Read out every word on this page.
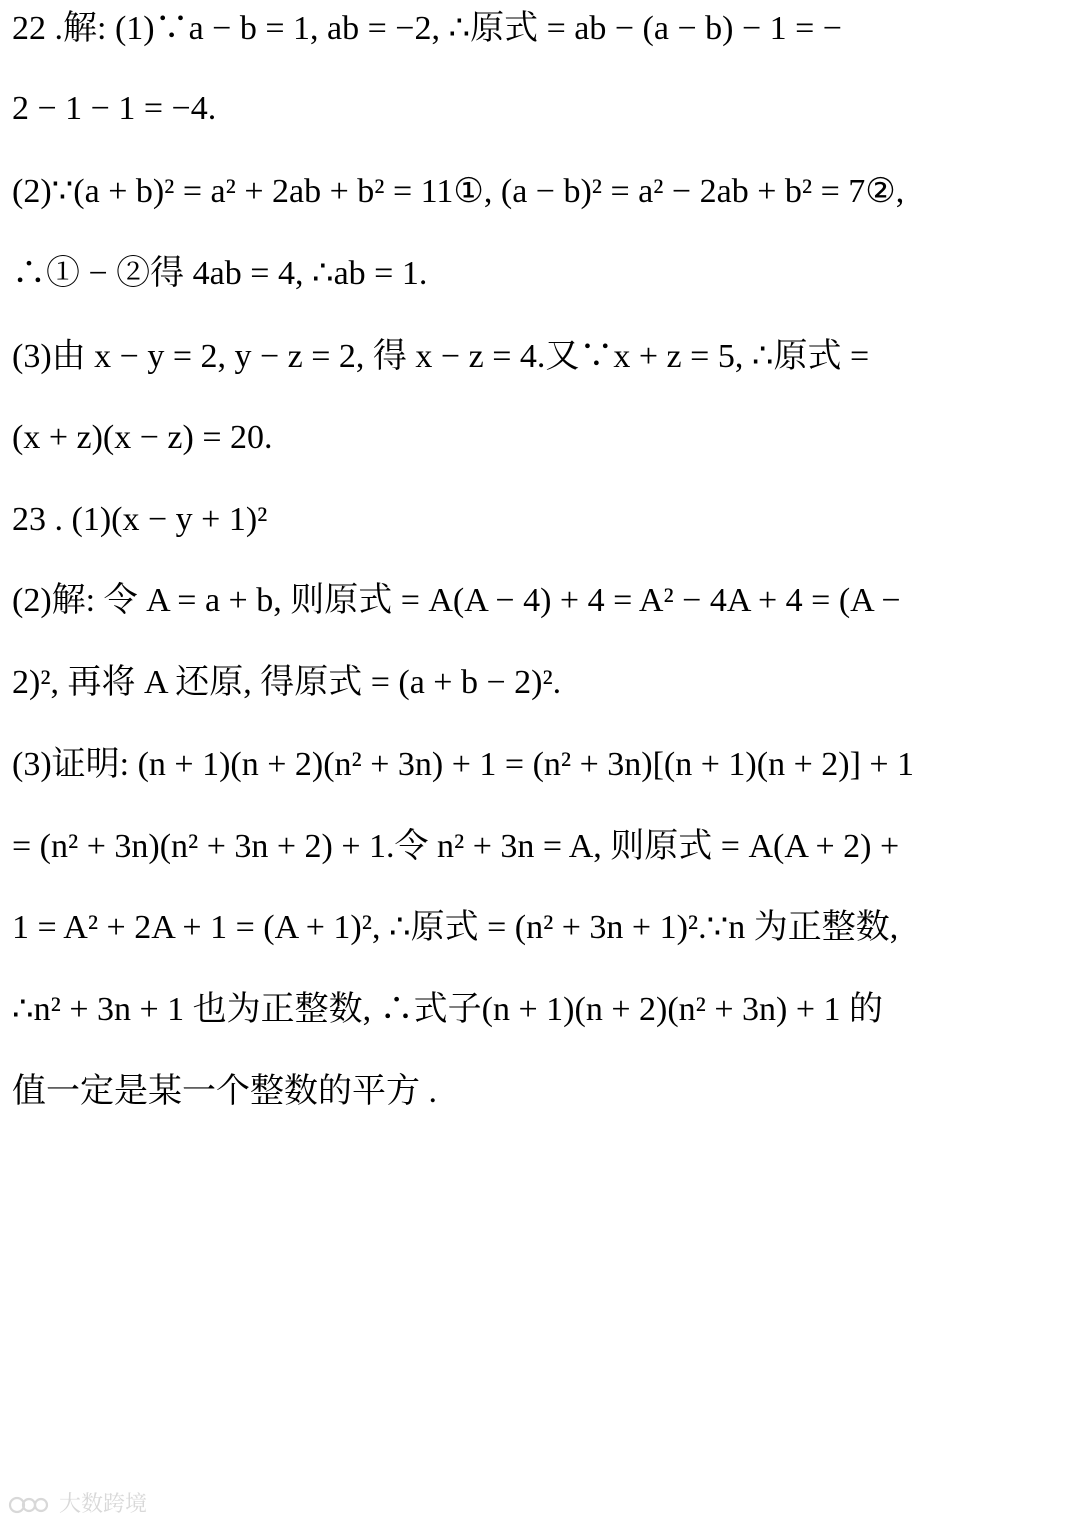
22 .解: (1)∵a − b = 1, ab = −2, ∴原式 = ab − (a − b) − 1 = −
2 − 1 − 1 = −4.
(2)∵(a + b)² = a² + 2ab + b² = 11①, (a − b)² = a² − 2ab + b² = 7②,
∴① − ②得 4ab = 4, ∴ab = 1.
(3)由 x − y = 2, y − z = 2, 得 x − z = 4.又∵x + z = 5, ∴原式 =
(x + z)(x − z) = 20.
23 . (1)(x − y + 1)²
(2)解: 令 A = a + b, 则原式 = A(A − 4) + 4 = A² − 4A + 4 = (A −
2)², 再将 A 还原, 得原式 = (a + b − 2)².
(3)证明: (n + 1)(n + 2)(n² + 3n) + 1 = (n² + 3n)[(n + 1)(n + 2)] + 1
= (n² + 3n)(n² + 3n + 2) + 1.令 n² + 3n = A, 则原式 = A(A + 2) +
1 = A² + 2A + 1 = (A + 1)², ∴原式 = (n² + 3n + 1)².∵n 为正整数,
∴n² + 3n + 1 也为正整数, ∴式子(n + 1)(n + 2)(n² + 3n) + 1 的
值一定是某一个整数的平方 .
大数跨境
